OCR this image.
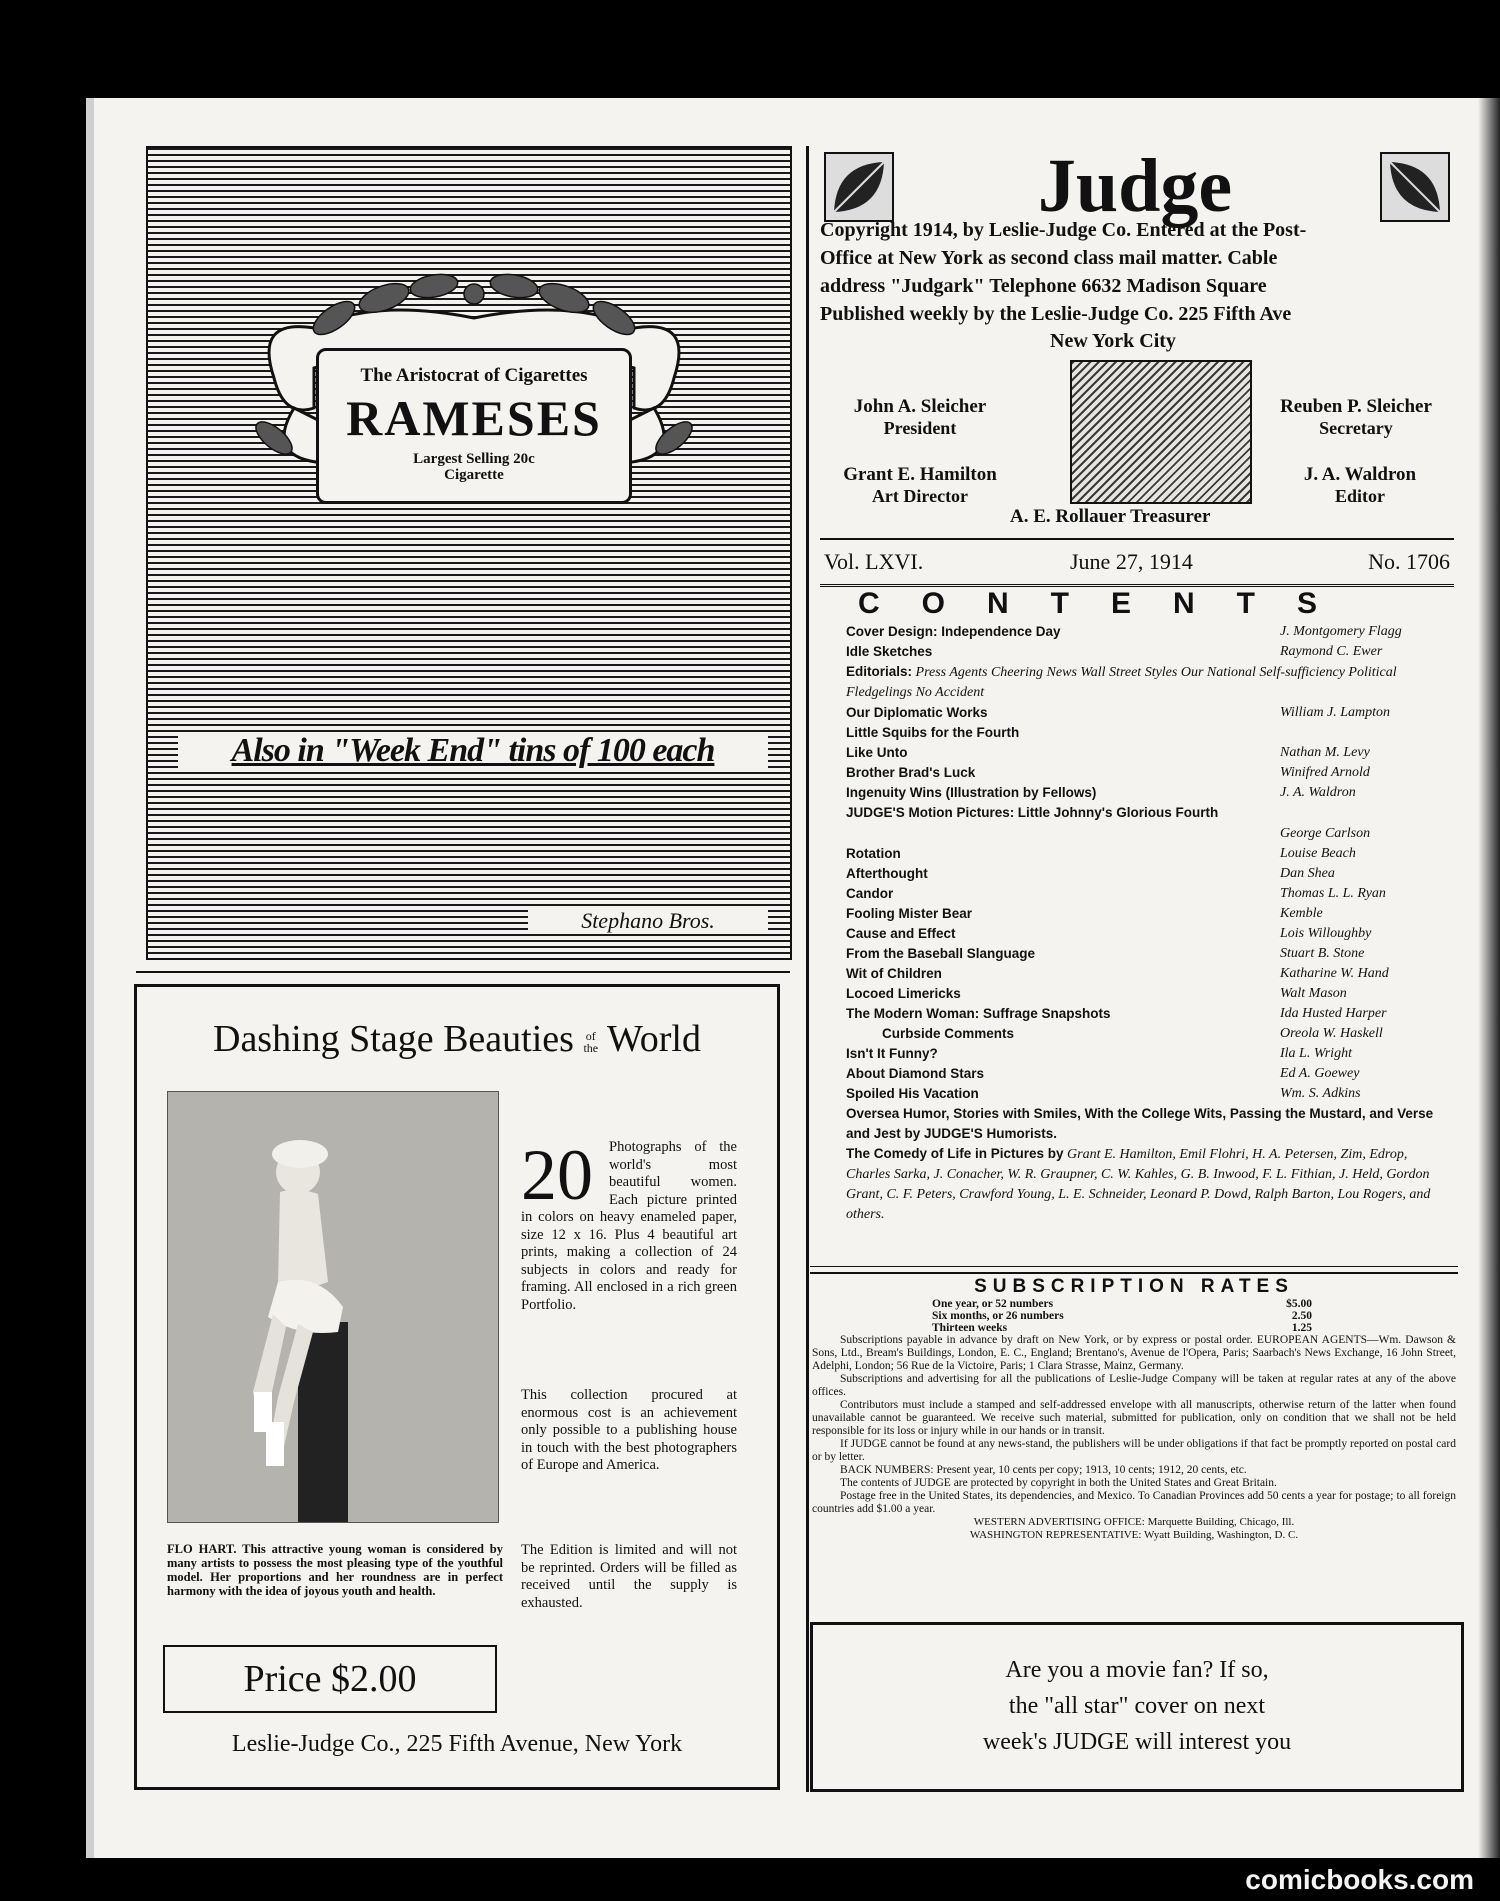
The Aristocrat of Cigarettes
RAMESES
Largest Selling 20c
Cigarette
Also in "Week End" tins of 100 each
Stephano Bros.
Dashing Stage Beauties of
the World
FLO HART. This attractive young woman is considered by many artists to possess the most pleasing type of the youthful model. Her proportions and her roundness are in perfect harmony with the idea of joyous youth and health.
20	Photographs of the world's most beautiful women. Each picture printed in colors on heavy enameled paper, size 12 x 16. Plus 4 beautiful art prints, making a collection of 24 subjects in colors and ready for framing. All enclosed in a rich green Portfolio.
This collection procured at enormous cost is an achievement only possible to a publishing house in touch with the best photographers of Europe and America.
The Edition is limited and will not be reprinted. Orders will be filled as received until the supply is exhausted.
Price $2.00
Leslie-Judge Co., 225 Fifth Avenue, New York
Judge
Copyright 1914, by Leslie-Judge Co. Entered at the Post-
Office at New York as second class mail matter. Cable
address "Judgark" Telephone 6632 Madison Square
Published weekly by the Leslie-Judge Co. 225 Fifth Ave
New York City
John A. Sleicher
President
Reuben P. Sleicher
Secretary
Grant E. Hamilton
Art Director
J. A. Waldron
Editor
A. E. Rollauer Treasurer
Vol. LXVI.	June 27, 1914	No. 1706
CONTENTS
Cover Design: Independence Day	J. Montgomery Flagg
Idle Sketches	Raymond C. Ewer
Editorials: Press Agents Cheering News Wall Street Styles Our National Self-sufficiency Political Fledgelings No Accident
Our Diplomatic Works	William J. Lampton
Little Squibs for the Fourth
Like Unto	Nathan M. Levy
Brother Brad's Luck	Winifred Arnold
Ingenuity Wins (Illustration by Fellows)	J. A. Waldron
JUDGE'S Motion Pictures: Little Johnny's Glorious Fourth
George Carlson
Rotation	Louise Beach
Afterthought	Dan Shea
Candor	Thomas L. L. Ryan
Fooling Mister Bear	Kemble
Cause and Effect	Lois Willoughby
From the Baseball Slanguage	Stuart B. Stone
Wit of Children	Katharine W. Hand
Locoed Limericks	Walt Mason
The Modern Woman: Suffrage Snapshots	Ida Husted Harper
Curbside Comments	Oreola W. Haskell
Isn't It Funny?	Ila L. Wright
About Diamond Stars	Ed A. Goewey
Spoiled His Vacation	Wm. S. Adkins
Oversea Humor, Stories with Smiles, With the College Wits, Passing the Mustard, and Verse and Jest by JUDGE'S Humorists.
The Comedy of Life in Pictures by Grant E. Hamilton, Emil Flohri, H. A. Petersen, Zim, Edrop, Charles Sarka, J. Conacher, W. R. Graupner, C. W. Kahles, G. B. Inwood, F. L. Fithian, J. Held, Gordon Grant, C. F. Peters, Crawford Young, L. E. Schneider, Leonard P. Dowd, Ralph Barton, Lou Rogers, and others.
SUBSCRIPTION RATES
One year, or 52 numbers	$5.00
Six months, or 26 numbers	2.50
Thirteen weeks	1.25

Subscriptions payable in advance by draft on New York, or by express or postal order. EUROPEAN AGENTS—Wm. Dawson & Sons, Ltd., Bream's Buildings, London, E. C., England; Brentano's, Avenue de l'Opera, Paris; Saarbach's News Exchange, 16 John Street, Adelphi, London; 56 Rue de la Victoire, Paris; 1 Clara Strasse, Mainz, Germany.

Subscriptions and advertising for all the publications of Leslie-Judge Company will be taken at regular rates at any of the above offices.

Contributors must include a stamped and self-addressed envelope with all manuscripts, otherwise return of the latter when found unavailable cannot be guaranteed. We receive such material, submitted for publication, only on condition that we shall not be held responsible for its loss or injury while in our hands or in transit.

If JUDGE cannot be found at any news-stand, the publishers will be under obligations if that fact be promptly reported on postal card or by letter.

BACK NUMBERS: Present year, 10 cents per copy; 1913, 10 cents; 1912, 20 cents, etc.

The contents of JUDGE are protected by copyright in both the United States and Great Britain.

Postage free in the United States, its dependencies, and Mexico. To Canadian Provinces add 50 cents a year for postage; to all foreign countries add $1.00 a year.

WESTERN ADVERTISING OFFICE: Marquette Building, Chicago, Ill.

WASHINGTON REPRESENTATIVE: Wyatt Building, Washington, D. C.

Are you a movie fan? If so,
the "all star" cover on next
week's JUDGE will interest you
comicbooks.com
